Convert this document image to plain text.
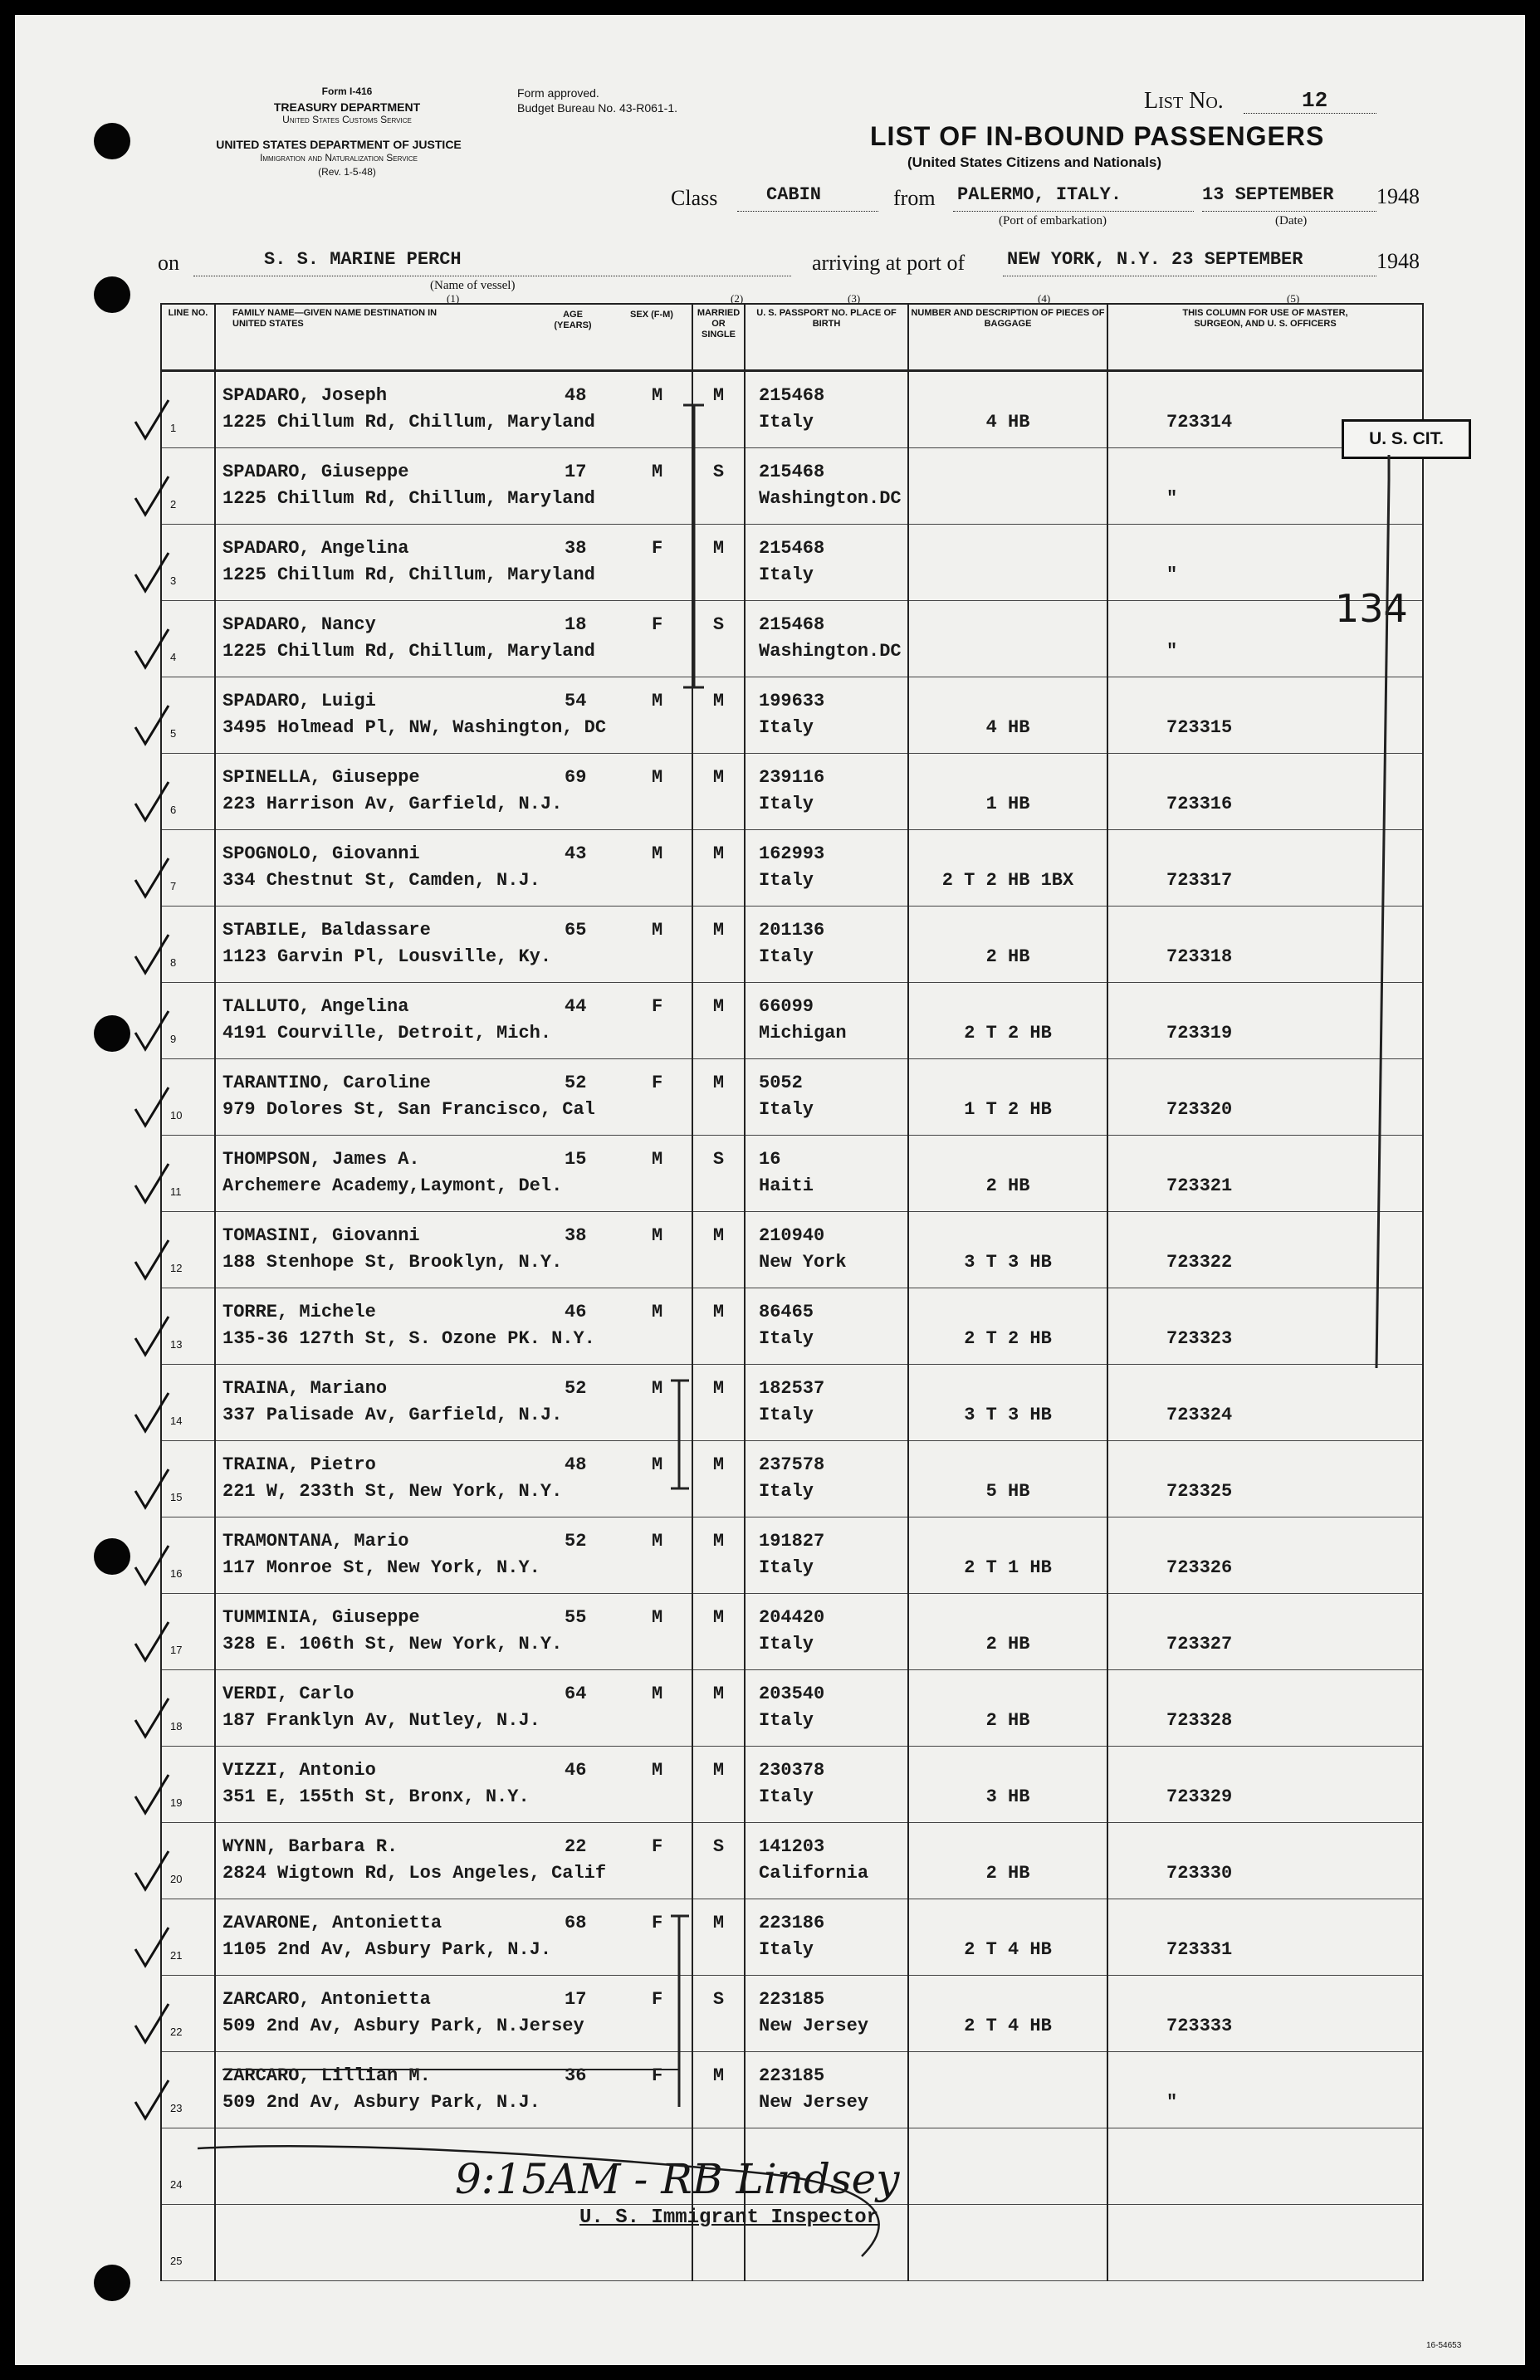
Form I-416
TREASURY DEPARTMENT
United States Customs Service
UNITED STATES DEPARTMENT OF JUSTICE
Immigration and Naturalization Service
(Rev. 1-5-48)
Form approved.
Budget Bureau No. 43-R061-1.	List No.	12
LIST OF IN-BOUND PASSENGERS
(United States Citizens and Nationals)
Class	CABIN	from PALERMO, ITALY.
(Port of embarkation)
13 SEPTEMBER 1948
(Date)
on	S. S. MARINE PERCH
(Name of vessel)
arriving at port of NEW YORK, N.Y. 23 SEPTEMBER	1948
(1)	(2)	(3)	(4)	(5)
LINE NO.	FAMILY NAME—GIVEN NAME DESTINATION IN UNITED STATES
AGE (YEARS)
SEX (F-M)	MARRIED OR SINGLE	U. S. PASSPORT NO. PLACE OF BIRTH	NUMBER AND DESCRIPTION OF PIECES OF BAGGAGE	THIS COLUMN FOR USE OF MASTER, SURGEON, AND U. S. OFFICERS

1	SPADARO, Joseph
1225 Chillum Rd, Chillum, Maryland
48 M	M	215468
Italy	4 HB	723314

2	SPADARO, Giuseppe
1225 Chillum Rd, Chillum, Maryland
17 M	S	215468
Washington.DC		"

3	SPADARO, Angelina
1225 Chillum Rd, Chillum, Maryland
38 F	M	215468
Italy		"

4	SPADARO, Nancy
1225 Chillum Rd, Chillum, Maryland
18 F	S	215468
Washington.DC		"

5	SPADARO, Luigi
3495 Holmead Pl, NW, Washington, DC
54 M	M	199633
Italy	4 HB	723315

6	SPINELLA, Giuseppe
223 Harrison Av, Garfield, N.J.
69 M	M	239116
Italy	1 HB	723316

7	SPOGNOLO, Giovanni
334 Chestnut St, Camden, N.J.
43 M	M	162993
Italy	2 T 2 HB 1BX	723317

8	STABILE, Baldassare
1123 Garvin Pl, Lousville, Ky.
65 M	M	201136
Italy	2 HB	723318

9	TALLUTO, Angelina
4191 Courville, Detroit, Mich.
44 F	M	66099
Michigan	2 T 2 HB	723319

10	TARANTINO, Caroline
979 Dolores St, San Francisco, Cal
52 F	M	5052
Italy	1 T 2 HB	723320

11	THOMPSON, James A.
Archemere Academy,Laymont, Del.
15 M	S	16
Haiti	2 HB	723321

12	TOMASINI, Giovanni
188 Stenhope St, Brooklyn, N.Y.
38 M	M	210940
New York	3 T 3 HB	723322

13	TORRE, Michele
135-36 127th St, S. Ozone PK. N.Y.
46 M	M	86465
Italy	2 T 2 HB	723323

14	TRAINA, Mariano
337 Palisade Av, Garfield, N.J.
52 M	M	182537
Italy	3 T 3 HB	723324

15	TRAINA, Pietro
221 W, 233th St, New York, N.Y.
48 M	M	237578
Italy	5 HB	723325

16	TRAMONTANA, Mario
117 Monroe St, New York, N.Y.
52 M	M	191827
Italy	2 T 1 HB	723326

17	TUMMINIA, Giuseppe
328 E. 106th St, New York, N.Y.
55 M	M	204420
Italy	2 HB	723327

18	VERDI, Carlo
187 Franklyn Av, Nutley, N.J.
64 M	M	203540
Italy	2 HB	723328

19	VIZZI, Antonio
351 E, 155th St, Bronx, N.Y.
46 M	M	230378
Italy	3 HB	723329

20	WYNN, Barbara R.
2824 Wigtown Rd, Los Angeles, Calif
22 F	S	141203
California	2 HB	723330

21	ZAVARONE, Antonietta
1105 2nd Av, Asbury Park, N.J.
68 F	M	223186
Italy	2 T 4 HB	723331

22	ZARCARO, Antonietta
509 2nd Av, Asbury Park, N.Jersey
17 F	S	223185
New Jersey	2 T 4 HB	723333

23	ZARCARO, Lillian M.
509 2nd Av, Asbury Park, N.J.
36 F	M	223185
New Jersey		"

24					

25					

U. S. CIT.
134
9:15AM - RB Lindsey
U. S. Immigrant Inspector
16-54653
